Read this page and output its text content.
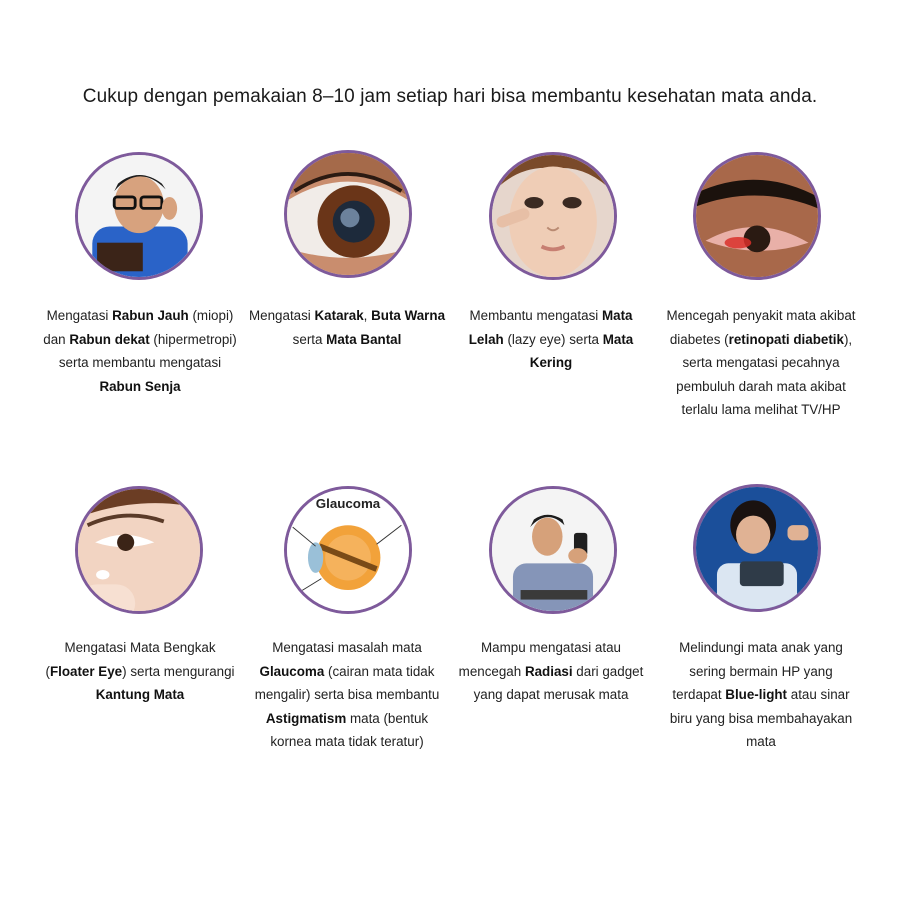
Cukup dengan pemakaian 8–10 jam setiap hari bisa membantu kesehatan mata anda.
Mengatasi Rabun Jauh (miopi) dan Rabun dekat (hipermetropi) serta membantu mengatasi Rabun Senja
Mengatasi Katarak, Buta Warna serta Mata Bantal
Membantu mengatasi Mata Lelah (lazy eye) serta Mata Kering
Mencegah penyakit mata akibat diabetes (retinopati diabetik), serta mengatasi pecahnya pembuluh darah mata akibat terlalu lama melihat TV/HP
Mengatasi Mata Bengkak (Floater Eye) serta mengurangi Kantung Mata
Glaucoma
Mengatasi masalah mata Glaucoma (cairan mata tidak mengalir) serta bisa membantu Astigmatism mata (bentuk kornea mata tidak teratur)
Mampu mengatasi atau mencegah Radiasi dari gadget yang dapat merusak mata
Melindungi mata anak yang sering bermain HP yang terdapat Blue-light atau sinar biru yang bisa membahayakan mata
